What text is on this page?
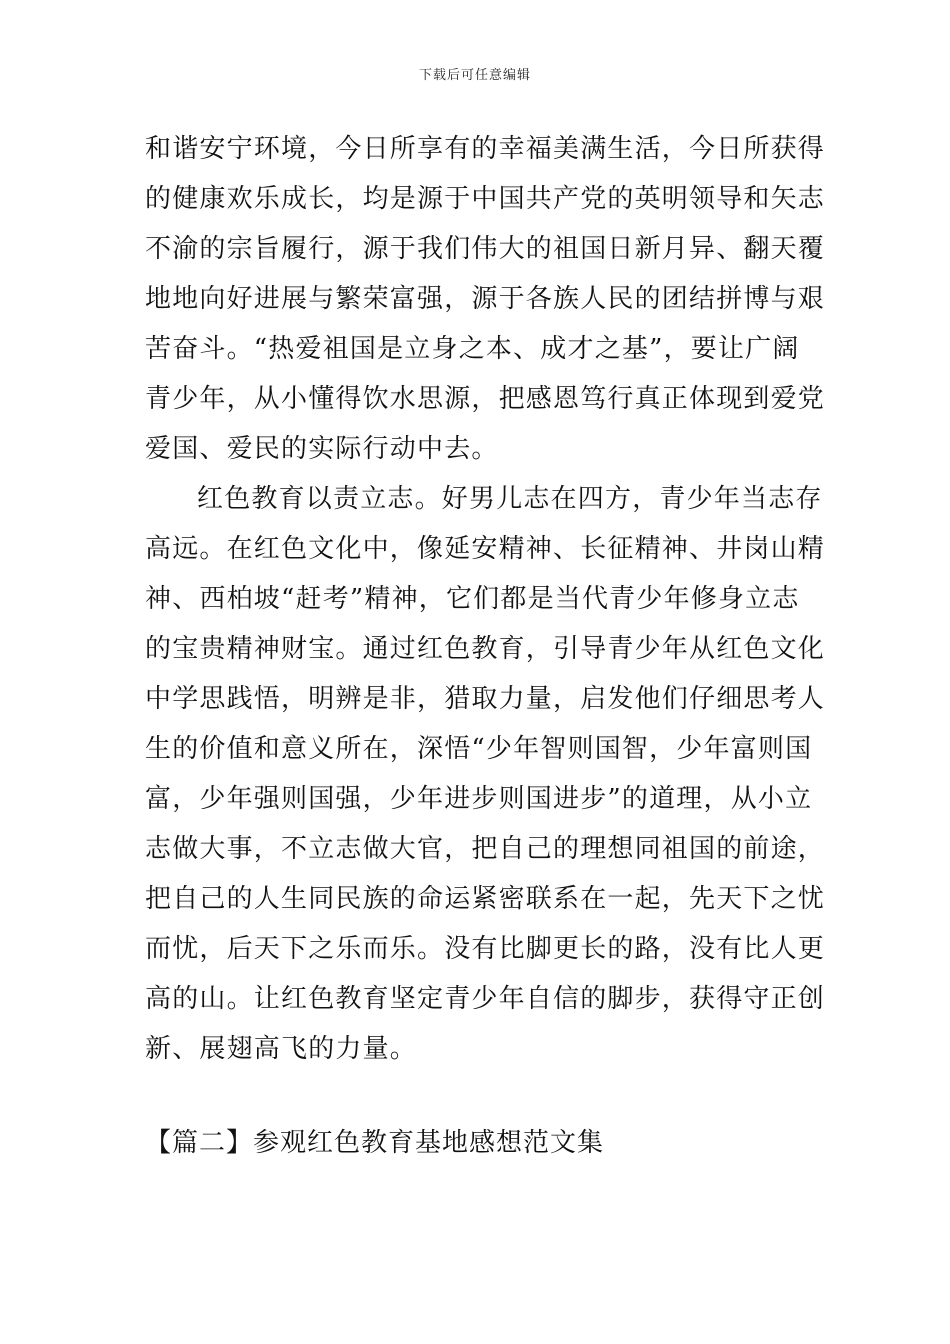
下载后可任意编辑
和谐安宁环境，今日所享有的幸福美满生活，今日所获得
的健康欢乐成长，均是源于中国共产党的英明领导和矢志
不渝的宗旨履行，源于我们伟大的祖国日新月异、翻天覆
地地向好进展与繁荣富强，源于各族人民的团结拼博与艰
苦奋斗。“热爱祖国是立身之本、成才之基”，要让广阔
青少年，从小懂得饮水思源，把感恩笃行真正体现到爱党
爱国、爱民的实际行动中去。
红色教育以责立志。好男儿志在四方，青少年当志存
高远。在红色文化中，像延安精神、长征精神、井岗山精
神、西柏坡“赶考”精神，它们都是当代青少年修身立志
的宝贵精神财宝。通过红色教育，引导青少年从红色文化
中学思践悟，明辨是非，猎取力量，启发他们仔细思考人
生的价值和意义所在，深悟“少年智则国智，少年富则国
富，少年强则国强，少年进步则国进步”的道理，从小立
志做大事，不立志做大官，把自己的理想同祖国的前途，
把自己的人生同民族的命运紧密联系在一起，先天下之忧
而忧，后天下之乐而乐。没有比脚更长的路，没有比人更
高的山。让红色教育坚定青少年自信的脚步，获得守正创
新、展翅高飞的力量。
【篇二】参观红色教育基地感想范文集
